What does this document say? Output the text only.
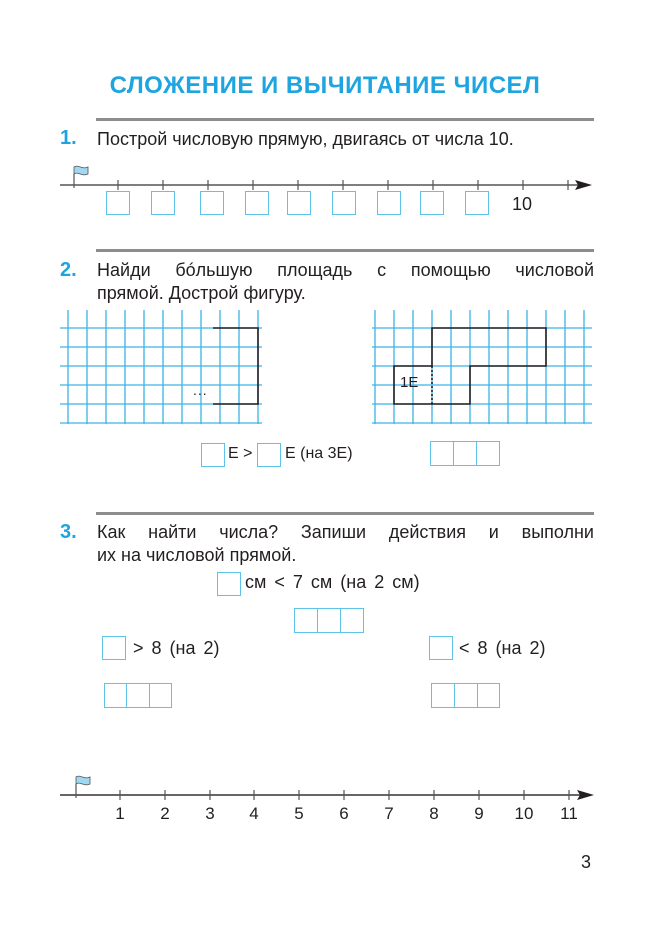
СЛОЖЕНИЕ И ВЫЧИТАНИЕ ЧИСЕЛ
1. Построй числовую прямую, двигаясь от числа 10.
10
2. Найди бóльшую площадь с помощью числовой
прямой. Дострой фигуру.
...	1Е
Е > Е (на 3Е)
3. Как найти числа? Запиши действия и выполни
их на числовой прямой.
см < 7 см (на 2 см)
> 8 (на 2)	< 8 (на 2)
1	2	3	4	5	6	7	8	9	10	11
3
